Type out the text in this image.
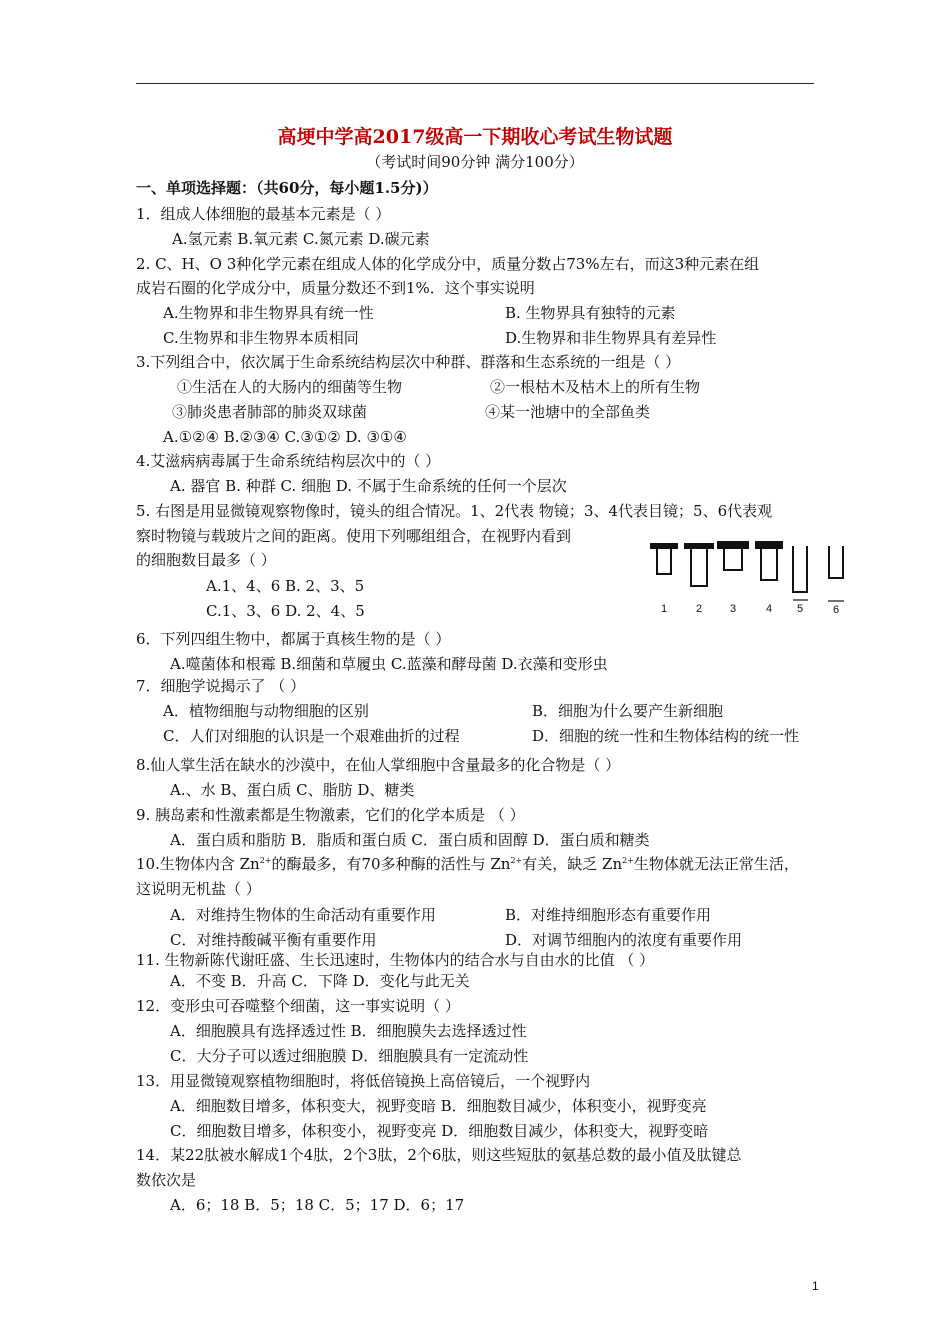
高埂中学高2017级高一下期收心考试生物试题
（考试时间90分钟 满分100分）
一、单项选择题：（共60分，每小题1.5分)）
1．组成人体细胞的最基本元素是（ ）
A.氢元素 B.氧元素 C.氮元素 D.碳元素
2. C、H、O 3种化学元素在组成人体的化学成分中，质量分数占73%左右，而这3种元素在组
成岩石圈的化学成分中，质量分数还不到1%．这个事实说明
A.生物界和非生物界具有统一性	B. 生物界具有独特的元素
C.生物界和非生物界本质相同	D.生物界和非生物界具有差异性
3.下列组合中，依次属于生命系统结构层次中种群、群落和生态系统的一组是（ ）
①生活在人的大肠内的细菌等生物	②一根枯木及枯木上的所有生物
③肺炎患者肺部的肺炎双球菌	④某一池塘中的全部鱼类
A.①②④ B.②③④ C.③①② D. ③①④
4.艾滋病病毒属于生命系统结构层次中的（ ）
A. 器官 B. 种群 C. 细胞 D. 不属于生命系统的任何一个层次
5. 右图是用显微镜观察物像时，镜头的组合情况。1、2代表 物镜；3、4代表目镜；5、6代表观
察时物镜与载玻片之间的距离。使用下列哪组组合，在视野内看到
的细胞数目最多（ ）
A.1、4、6 B. 2、3、5
C.1、3、6 D. 2、4、5
6．下列四组生物中，都属于真核生物的是（ ）
A.噬菌体和根霉 B.细菌和草履虫 C.蓝藻和酵母菌 D.衣藻和变形虫
7．细胞学说揭示了 （ ）
A．植物细胞与动物细胞的区别	B．细胞为什么要产生新细胞
C．人们对细胞的认识是一个艰难曲折的过程	D．细胞的统一性和生物体结构的统一性
8.仙人掌生活在缺水的沙漠中，在仙人掌细胞中含量最多的化合物是（ ）
A.、水 B、蛋白质 C、脂肪 D、糖类
9. 胰岛素和性激素都是生物激素，它们的化学本质是 （ ）
A．蛋白质和脂肪 B．脂质和蛋白质 C．蛋白质和固醇 D．蛋白质和糖类
这说明无机盐（ ）
A．对维持生物体的生命活动有重要作用	B．对维持细胞形态有重要作用
C．对维持酸碱平衡有重要作用	D．对调节细胞内的浓度有重要作用
11. 生物新陈代谢旺盛、生长迅速时，生物体内的结合水与自由水的比值 （ ）
A．不变 B．升高 C．下降 D．变化与此无关
12．变形虫可吞噬整个细菌，这一事实说明（ ）
A．细胞膜具有选择透过性 B．细胞膜失去选择透过性
C．大分子可以透过细胞膜 D．细胞膜具有一定流动性
13．用显微镜观察植物细胞时，将低倍镜换上高倍镜后，一个视野内
A．细胞数目增多，体积变大，视野变暗 B．细胞数目减少，体积变小，视野变亮
C．细胞数目增多，体积变小，视野变亮 D．细胞数目减少，体积变大，视野变暗
14．某22肽被水解成1个4肽，2个3肽，2个6肽，则这些短肽的氨基总数的最小值及肽键总
数依次是
A．6；18 B．5；18 C．5；17 D．6；17
10.生物体内含 $Zn^{2+}$的酶最多，有70多种酶的活性与 $Zn^{2+}$有关，缺乏 $Zn^{2+}$生物体就无法正常生活，
1	2	3	4 5	6
1
